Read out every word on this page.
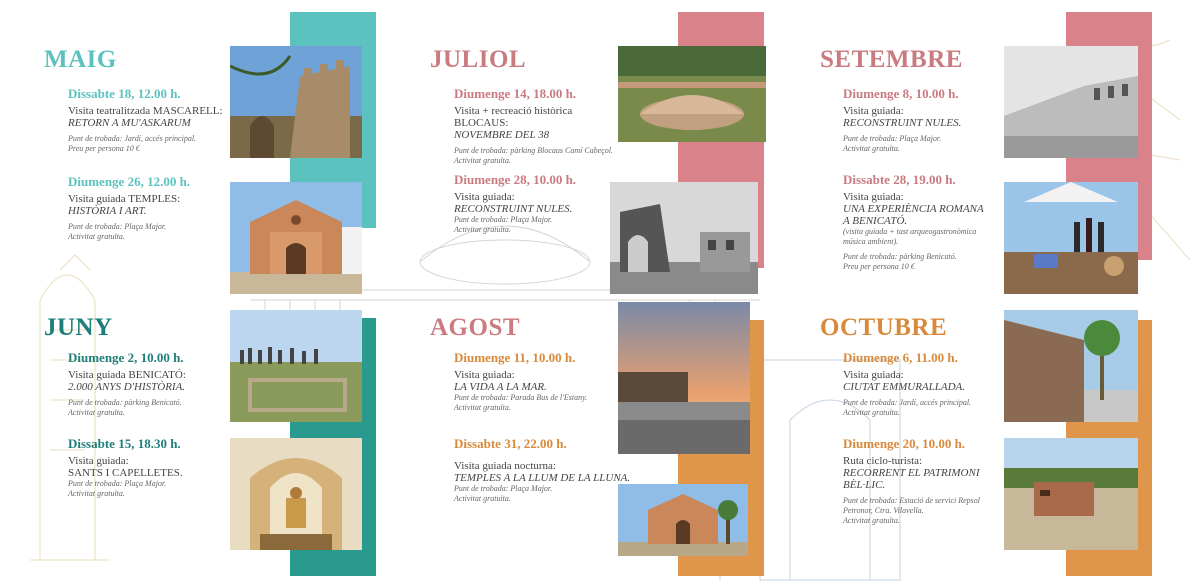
MAIG
JUNY
JULIOL
AGOST
SETEMBRE
OCTUBRE

Dissabte 18, 12.00 h.

Visita teatralitzada MASCARELL:

RETORN A MU'ASKARUM

Punt de trobada: Jardí, accés principal.

Preu per persona 10 €

Diumenge 26, 12.00 h.

Visita guiada TEMPLES:

HISTÒRIA I ART.

Punt de trobada: Plaça Major.

Activitat gratuïta.

Diumenge 2, 10.00 h.

Visita guiada BENICATÓ:

2.000 ANYS D'HISTÒRIA.

Punt de trobada: pàrking Benicató.

Activitat gratuïta.

Dissabte 15, 18.30 h.

Visita guiada:

SANTS I CAPELLETES.

Punt de trobada: Plaça Major.

Activitat gratuïta.

Diumenge 14, 18.00 h.

Visita + recreació històrica

BLOCAUS:

NOVEMBRE DEL 38

Punt de trobada: pàrking Blocaus Camí Cabeçol.

Activitat gratuïta.

Diumenge 28, 10.00 h.

Visita guiada:

RECONSTRUINT NULES.

Punt de trobada: Plaça Major.

Activitat gratuïta.

Diumenge 11, 10.00 h.

Visita guiada:

LA VIDA A LA MAR.

Punt de trobada: Parada Bus de l'Estany.

Activitat gratuïta.

Dissabte 31, 22.00 h.

Visita guiada nocturna:

TEMPLES A LA LLUM DE LA LLUNA.

Punt de trobada: Plaça Major.

Activitat gratuïta.

Diumenge 8, 10.00 h.

Visita guiada:

RECONSTRUINT NULES.

Punt de trobada: Plaça Major.

Activitat gratuïta.

Dissabte 28, 19.00 h.

Visita guiada:

UNA EXPERIÈNCIA ROMANA

A BENICATÓ.

(visita guiada + tast arqueogastronòmica

música ambient).

Punt de trobada: pàrking Benicató.

Preu per persona 10 €

Diumenge 6, 11.00 h.

Visita guiada:

CIUTAT EMMURALLADA.

Punt de trobada: Jardí, accés principal.

Activitat gratuïta.

Diumenge 20, 10.00 h.

Ruta ciclo-turista:

RECORRENT EL PATRIMONI

BÈL·LIC.

Punt de trobada: Estació de servici Repsol

Petronor, Ctra. Vilavella.

Activitat gratuïta.
